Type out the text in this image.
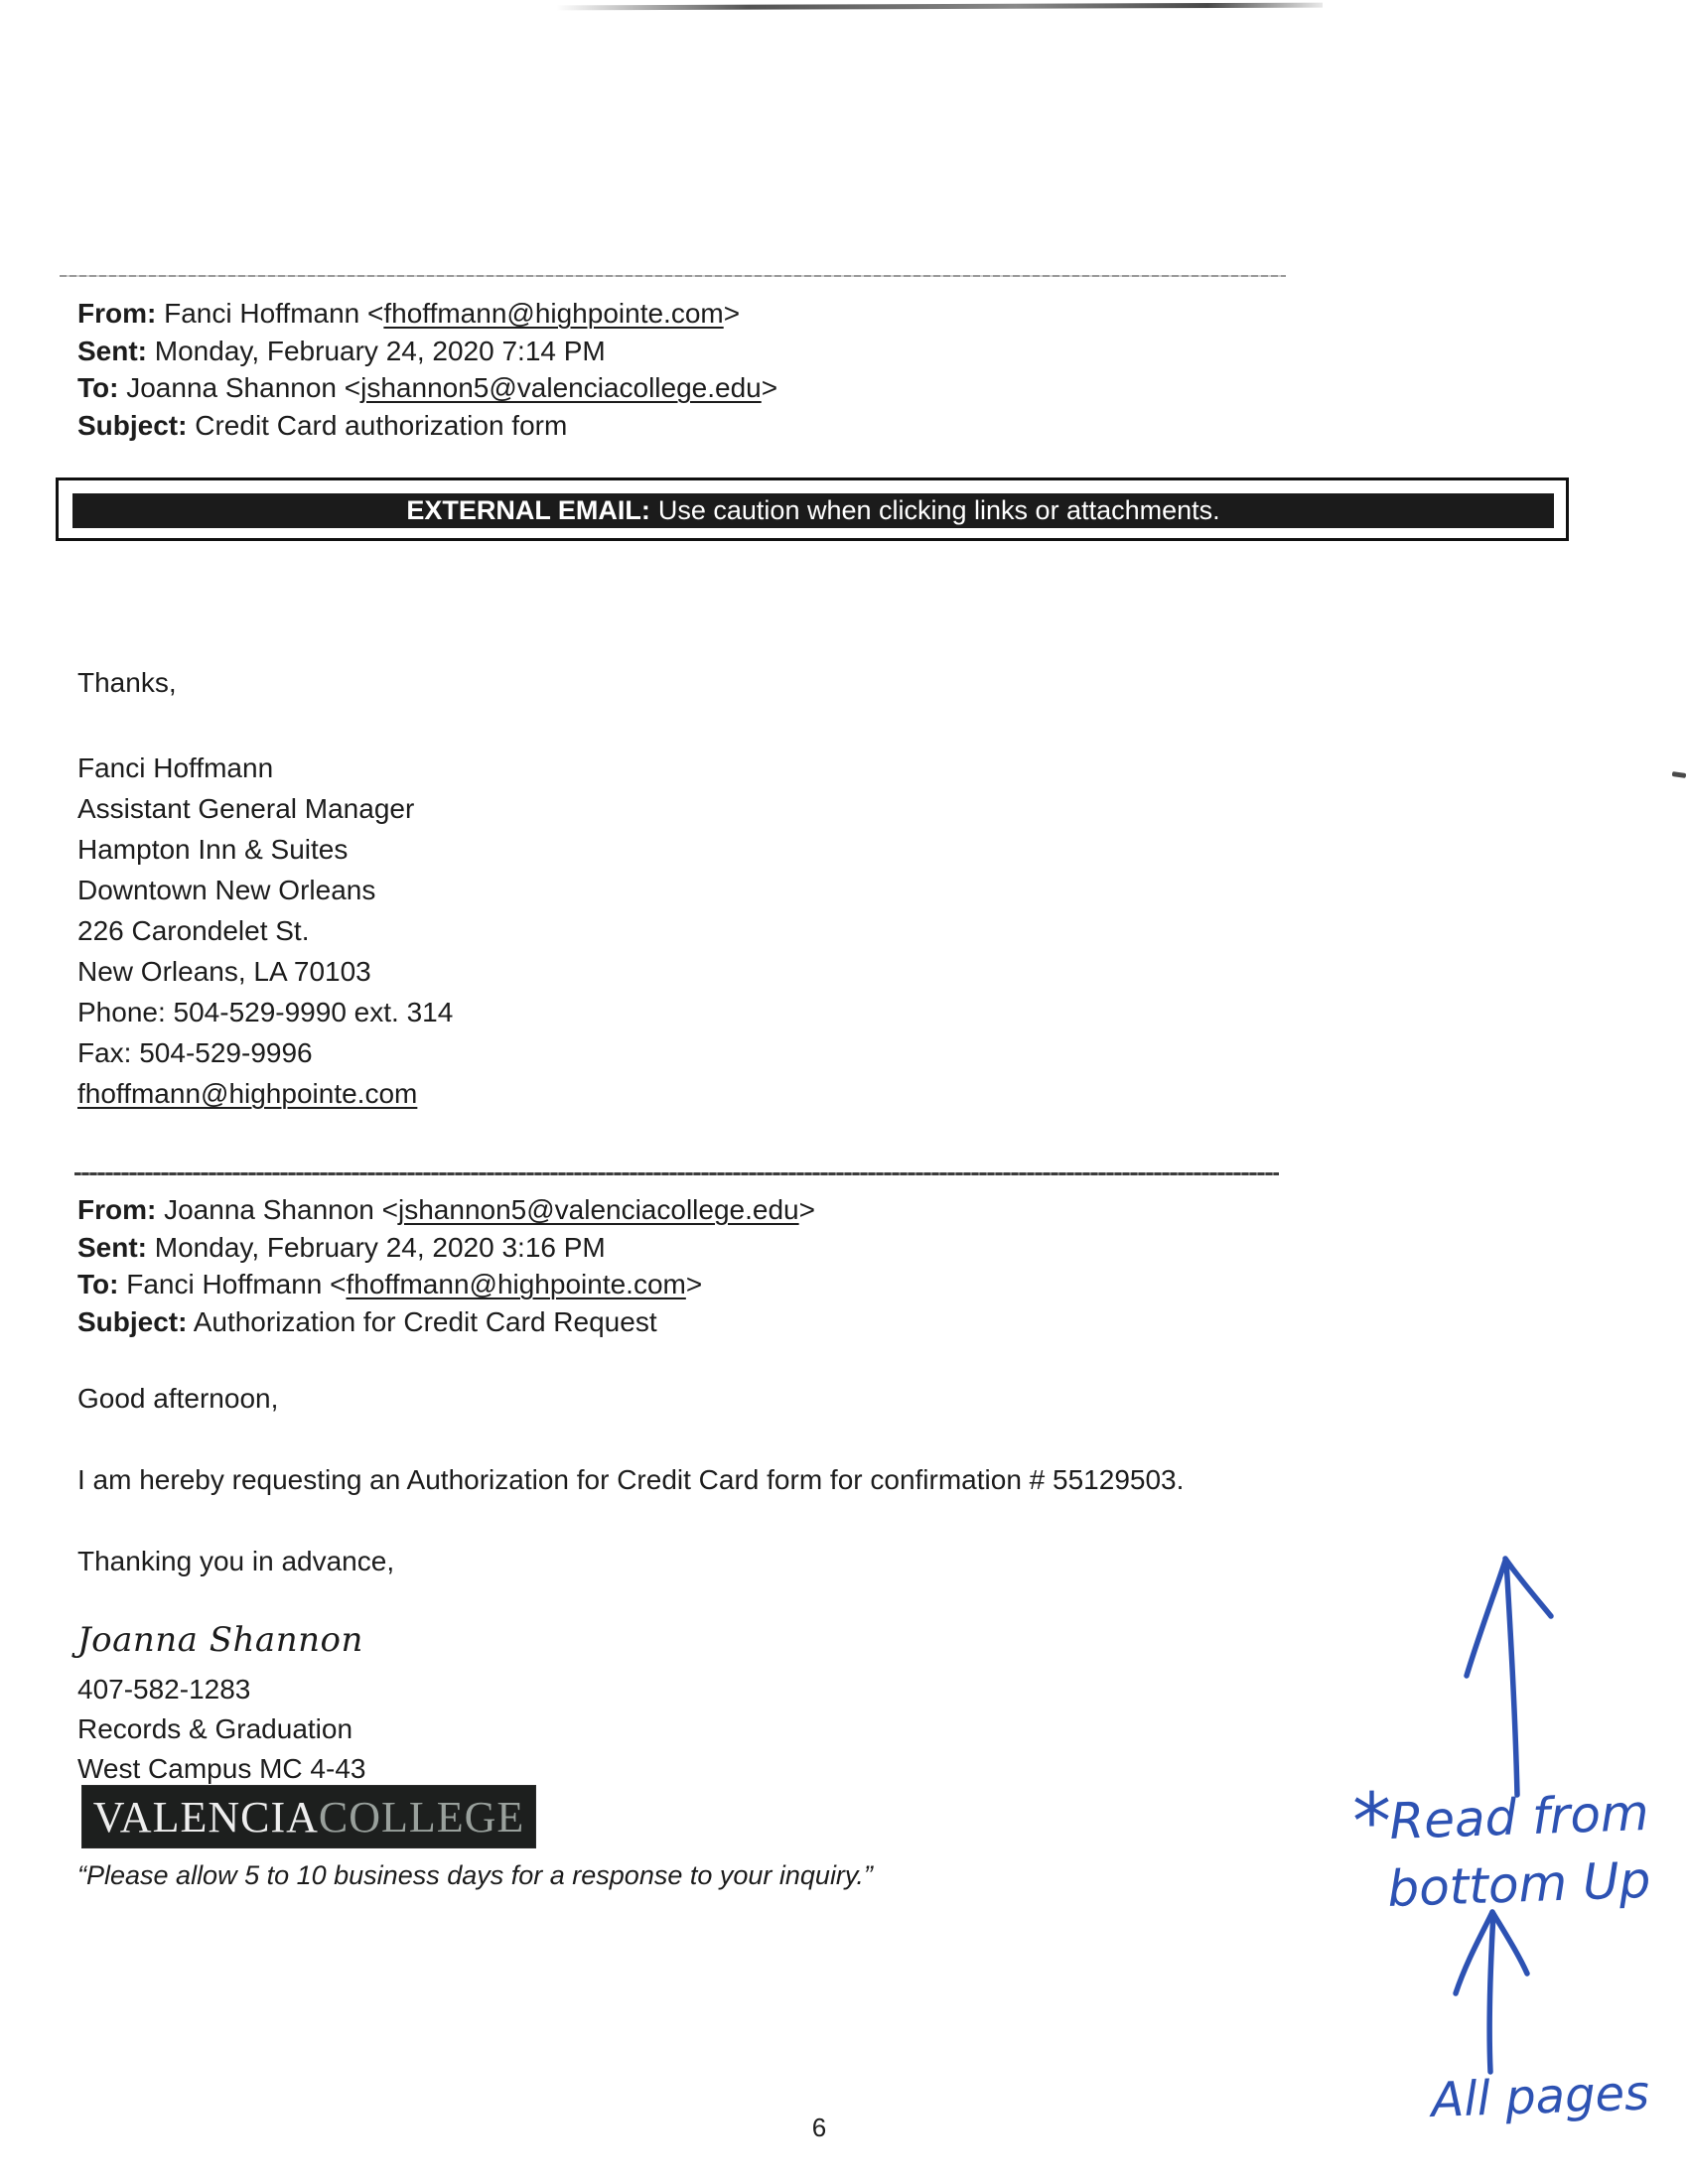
From: Fanci Hoffmann <fhoffmann@highpointe.com>
Sent: Monday, February 24, 2020 7:14 PM
To: Joanna Shannon <jshannon5@valenciacollege.edu>
Subject: Credit Card authorization form
EXTERNAL EMAIL: Use caution when clicking links or attachments.
Thanks,
Fanci Hoffmann
Assistant General Manager
Hampton Inn & Suites
Downtown New Orleans
226 Carondelet St.
New Orleans, LA 70103
Phone: 504-529-9990 ext. 314
Fax: 504-529-9996
fhoffmann@highpointe.com
From: Joanna Shannon <jshannon5@valenciacollege.edu>
Sent: Monday, February 24, 2020 3:16 PM
To: Fanci Hoffmann <fhoffmann@highpointe.com>
Subject: Authorization for Credit Card Request
Good afternoon,
I am hereby requesting an Authorization for Credit Card form for confirmation # 55129503.
Thanking you in advance,
Joanna Shannon
407-582-1283
Records & Graduation
West Campus MC 4-43
VALENCIA COLLEGE
“Please allow 5 to 10 business days for a response to your inquiry.”
6
*
Read from
bottom Up
All pages
